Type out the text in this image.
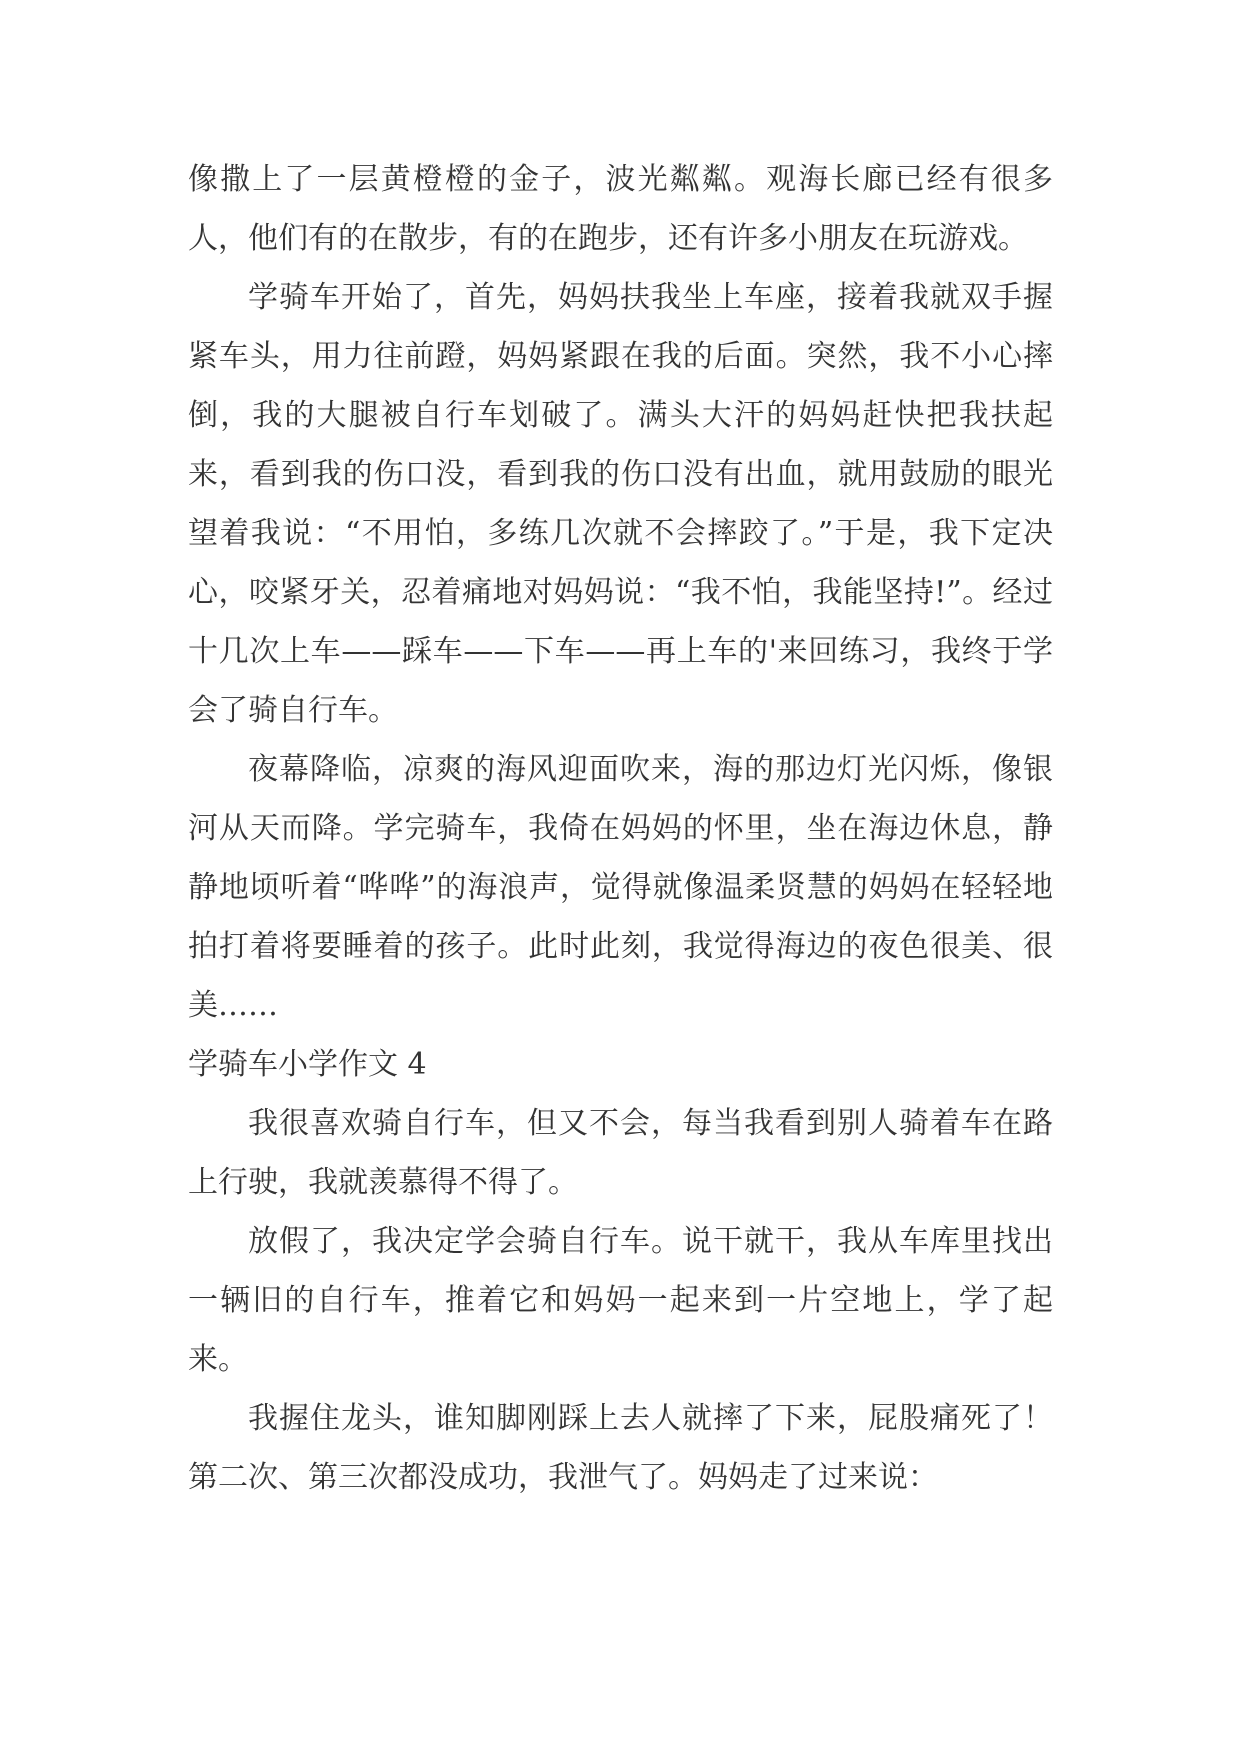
像撒上了一层黄橙橙的金子，波光粼粼。观海长廊已经有很多人，他们有的在散步，有的在跑步，还有许多小朋友在玩游戏。

学骑车开始了，首先，妈妈扶我坐上车座，接着我就双手握紧车头，用力往前蹬，妈妈紧跟在我的后面。突然，我不小心摔倒，我的大腿被自行车划破了。满头大汗的妈妈赶快把我扶起来，看到我的伤口没，看到我的伤口没有出血，就用鼓励的眼光望着我说：“不用怕，多练几次就不会摔跤了。”于是，我下定决心，咬紧牙关，忍着痛地对妈妈说：“我不怕，我能坚持!”。经过十几次上车——踩车——下车——再上车的'来回练习，我终于学会了骑自行车。

夜幕降临，凉爽的海风迎面吹来，海的那边灯光闪烁，像银河从天而降。学完骑车，我倚在妈妈的怀里，坐在海边休息，静静地顷听着“哗哗”的海浪声，觉得就像温柔贤慧的妈妈在轻轻地拍打着将要睡着的孩子。此时此刻，我觉得海边的夜色很美、很美……

学骑车小学作文 4

我很喜欢骑自行车，但又不会，每当我看到别人骑着车在路上行驶，我就羡慕得不得了。

放假了，我决定学会骑自行车。说干就干，我从车库里找出一辆旧的自行车，推着它和妈妈一起来到一片空地上，学了起来。

我握住龙头，谁知脚刚踩上去人就摔了下来，屁股痛死了！第二次、第三次都没成功，我泄气了。妈妈走了过来说：
